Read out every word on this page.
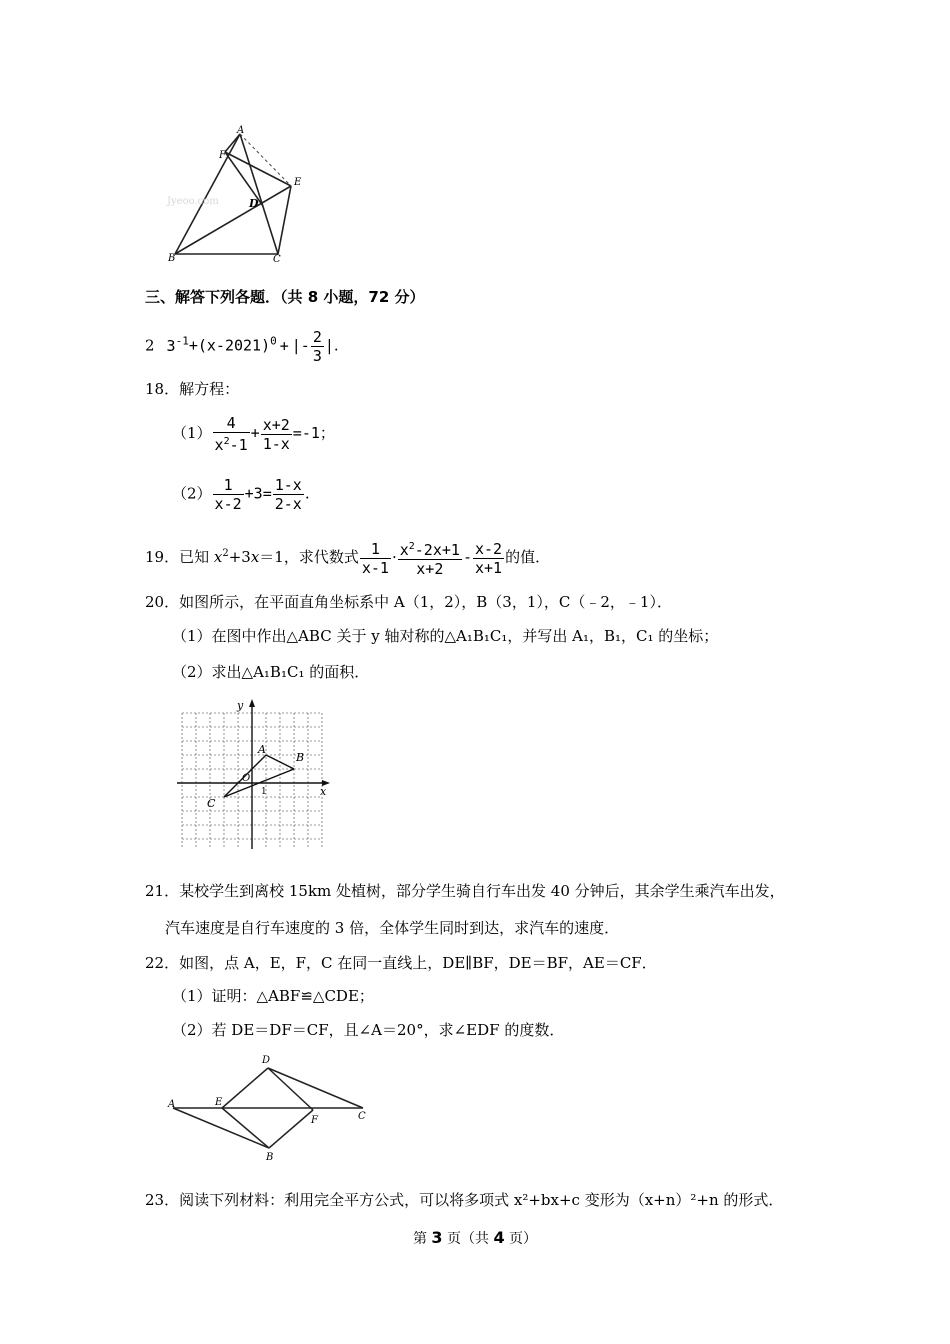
A
F
E
D
B	C
Jyeoo.com
三、解答下列各题．（共 8 小题，72 分）
2 $3^{-1}+(x-2021)^0$ + |- $\frac{2}{3}$ |.
18．解方程：
$(1) \frac{4}{x^2-1} + \frac{x+2}{1-x} =-1$；
$(2) \frac{1}{x-2} +3= \frac{1-x}{2-x}$ .
19．已知 $x^2+3x=1$，求代数式 $\frac{1}{x-1} \cdot \frac{x^2-2x+1}{x+2} - \frac{x-2}{x+1}$ 的值．
20．如图所示，在平面直角坐标系中 A（1，2），B（3，1），C（﹣2，﹣1）．
（1）在图中作出△ABC 关于 y 轴对称的△A₁B₁C₁，并写出 A₁，B₁，C₁ 的坐标；
（2）求出△A₁B₁C₁ 的面积．
y
x
A
B
C
O
1
21．某校学生到离校 15km 处植树，部分学生骑自行车出发 40 分钟后，其余学生乘汽车出发，
汽车速度是自行车速度的 3 倍，全体学生同时到达，求汽车的速度．
22．如图，点 A，E，F，C 在同一直线上，DE∥BF，DE＝BF，AE＝CF．
（1）证明：△ABF≌△CDE；
（2）若 DE＝DF＝CF，且∠A＝20°，求∠EDF 的度数．
A	E
F	C
D
B
23．阅读下列材料：利用完全平方公式，可以将多项式 x²+bx+c 变形为（x+n）²+n 的形式．
第 3 页（共 4 页）
